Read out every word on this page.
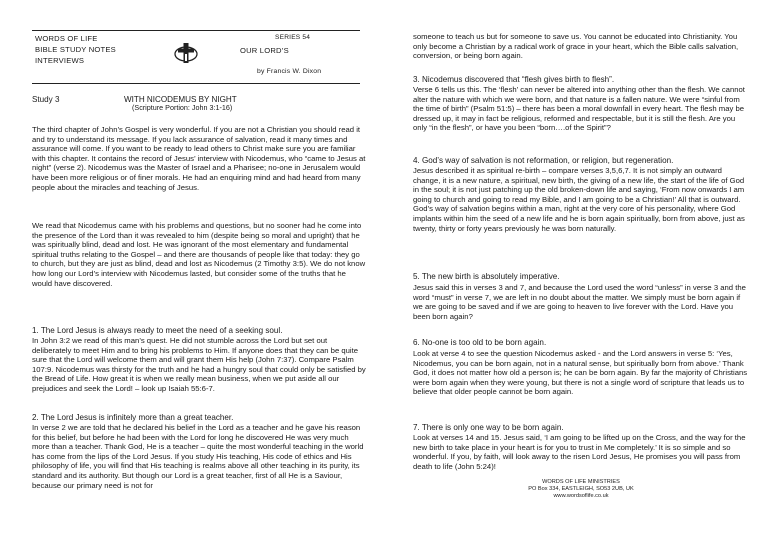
WORDS OF LIFE
BIBLE STUDY NOTES
INTERVIEWS
SERIES 54
OUR LORD’S
by Francis W. Dixon
Study 3	WITH NICODEMUS BY NIGHT
(Scripture Portion: John 3:1-16)

The third chapter of John’s Gospel is very wonderful. If you are not a Christian you should read it and try to understand its message. If you lack assurance of salvation, read it many times and assurance will come. If you want to be ready to lead others to Christ make sure you are familiar with this chapter. It contains the record of Jesus’ interview with Nicodemus, who “came to Jesus at night” (verse 2). Nicodemus was the Master of Israel and a Pharisee; no-one in Jerusalem would have been more religious or of finer morals. He had an enquiring mind and had heard from many people about the miracles and teaching of Jesus.

We read that Nicodemus came with his problems and questions, but no sooner had he come into the presence of the Lord than it was revealed to him (despite being so moral and upright) that he was spiritually blind, dead and lost. He was ignorant of the most elementary and fundamental spiritual truths relating to the Gospel – and there are thousands of people like that today: they go to church, but they are just as blind, dead and lost as Nicodemus (2 Timothy 3:5). We do not know how long our Lord’s interview with Nicodemus lasted, but consider some of the truths that he would have discovered.

1. The Lord Jesus is always ready to meet the need of a seeking soul.

In John 3:2 we read of this man’s quest. He did not stumble across the Lord but set out deliberately to meet Him and to bring his problems to Him. If anyone does that they can be quite sure that the Lord will welcome them and will grant them His help (John 7:37). Compare Psalm 107:9. Nicodemus was thirsty for the truth and he had a hungry soul that could only be satisfied by the Bread of Life. How great it is when we really mean business, when we put aside all our prejudices and seek the Lord! – look up Isaiah 55:6-7.

2. The Lord Jesus is infinitely more than a great teacher.

In verse 2 we are told that he declared his belief in the Lord as a teacher and he gave his reason for this belief, but before he had been with the Lord for long he discovered He was very much more than a teacher. Thank God, He is a teacher – quite the most wonderful teaching in the world has come from the lips of the Lord Jesus. If you study His teaching, His code of ethics and His philosophy of life, you will find that His teaching is realms above all other teaching in its purity, its standard and its authority. But though our Lord is a great teacher, first of all He is a Saviour, because our primary need is not for

someone to teach us but for someone to save us. You cannot be educated into Christianity. You only become a Christian by a radical work of grace in your heart, which the Bible calls salvation, conversion, or being born again.

3. Nicodemus discovered that “flesh gives birth to flesh”.

Verse 6 tells us this. The ‘flesh’ can never be altered into anything other than the flesh. We cannot alter the nature with which we were born, and that nature is a fallen nature. We were “sinful from the time of birth” (Psalm 51:5) – there has been a moral downfall in every heart. The flesh may be dressed up, it may in fact be religious, reformed and respectable, but it is still the flesh. Are you only “in the flesh”, or have you been “born….of the Spirit”?

4. God’s way of salvation is not reformation, or religion, but regeneration.

Jesus described it as spiritual re-birth – compare verses 3,5,6,7. It is not simply an outward change, it is a new nature, a spiritual, new birth, the giving of a new life, the start of the life of God in the soul; it is not just patching up the old broken-down life and saying, ‘From now onwards I am going to church and going to read my Bible, and I am going to be a Christian!’ All that is outward. God’s way of salvation begins within a man, right at the very core of his personality, where God implants within him the seed of a new life and he is born again spiritually, born from above, just as twenty, thirty or forty years previously he was born naturally.

5. The new birth is absolutely imperative.

Jesus said this in verses 3 and 7, and because the Lord used the word “unless” in verse 3 and the word “must” in verse 7, we are left in no doubt about the matter. We simply must be born again if we are going to be saved and if we are going to heaven to live forever with the Lord. Have you been born again?

6. No-one is too old to be born again.

Look at verse 4 to see the question Nicodemus asked - and the Lord answers in verse 5: ‘Yes, Nicodemus, you can be born again, not in a natural sense, but spiritually born from above.’ Thank God, it does not matter how old a person is; he can be born again. By far the majority of Christians were born again when they were young, but there is not a single word of scripture that leads us to believe that older people cannot be born again.

7. There is only one way to be born again.

Look at verses 14 and 15. Jesus said, ‘I am going to be lifted up on the Cross, and the way for the new birth to take place in your heart is for you to trust in Me completely.’ It is so simple and so wonderful. If you, by faith, will look away to the risen Lord Jesus, He promises you will pass from death to life (John 5:24)!

WORDS OF LIFE MINISTRIES
PO Box 334, EASTLEIGH, SO53 2UB, UK
www.wordsoflife.co.uk
